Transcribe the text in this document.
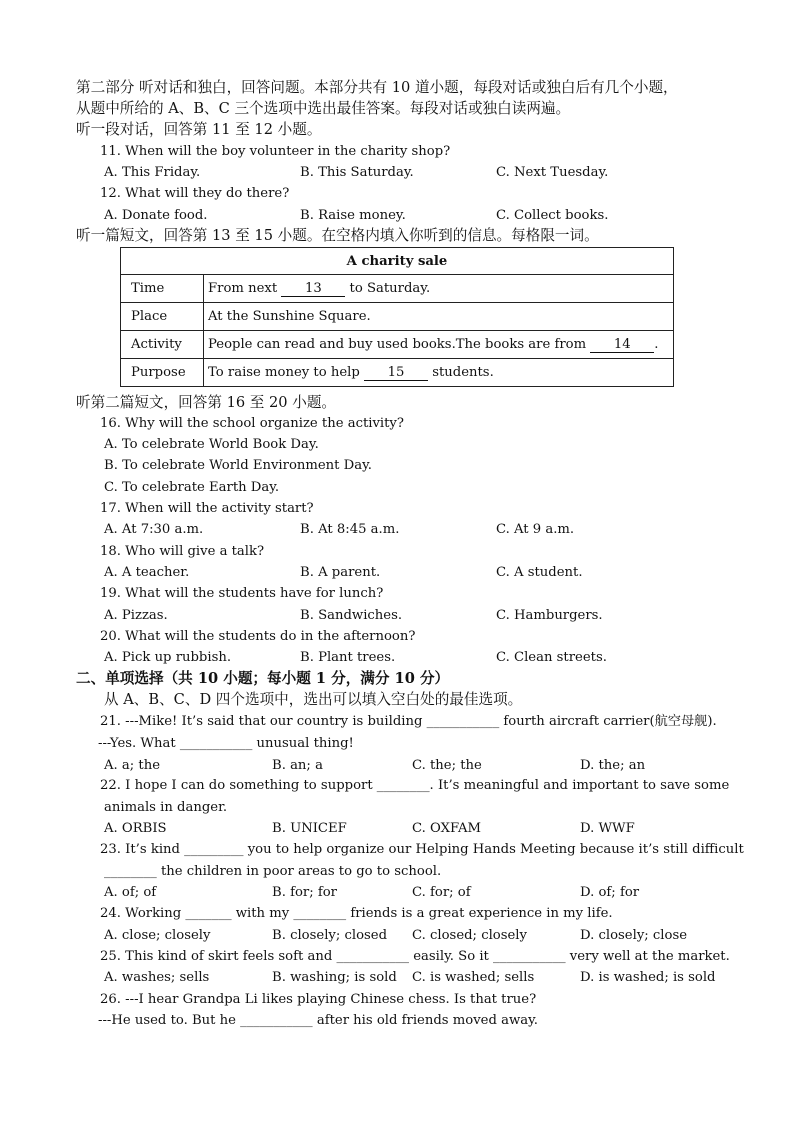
第二部分 听对话和独白，回答问题。本部分共有 10 道小题，每段对话或独白后有几个小题，
从题中所给的 A、B、C 三个选项中选出最佳答案。每段对话或独白读两遍。
听一段对话，回答第 11 至 12 小题。
11. When will the boy volunteer in the charity shop?
A. This Friday.	B. This Saturday.	C. Next Tuesday.
12. What will they do there?
A. Donate food.	B. Raise money.	C. Collect books.
听一篇短文，回答第 13 至 15 小题。在空格内填入你听到的信息。每格限一词。
A charity sale	
Time	From next 13 to Saturday.
Place	At the Sunshine Square.
Activity	People can read and buy used books.The books are from 14 .
Purpose	To raise money to help 15 students.
听第二篇短文，回答第 16 至 20 小题。
16. Why will the school organize the activity?
A. To celebrate World Book Day.
B. To celebrate World Environment Day.
C. To celebrate Earth Day.
17. When will the activity start?
A. At 7:30 a.m.	B. At 8:45 a.m.	C. At 9 a.m.
18. Who will give a talk?
A. A teacher.	B. A parent.	C. A student.
19. What will the students have for lunch?
A. Pizzas.	B. Sandwiches.	C. Hamburgers.
20. What will the students do in the afternoon?
A. Pick up rubbish.	B. Plant trees.	C. Clean streets.
二、单项选择（共 10 小题；每小题 1 分，满分 10 分）
从 A、B、C、D 四个选项中，选出可以填入空白处的最佳选项。
21. ---Mike! It’s said that our country is building ___________ fourth aircraft carrier(航空母舰).
---Yes. What ___________ unusual thing!
A. a; the	B. an; a	C. the; the	D. the; an
22. I hope I can do something to support ________. It’s meaningful and important to save some
animals in danger.
A. ORBIS	B. UNICEF	C. OXFAM	D. WWF
23. It’s kind _________ you to help organize our Helping Hands Meeting because it’s still difficult
________ the children in poor areas to go to school.
A. of; of	B. for; for	C. for; of	D. of; for
24. Working _______ with my ________ friends is a great experience in my life.
A. close; closely	B. closely; closed C. closed; closely	D. closely; close
25. This kind of skirt feels soft and ___________ easily. So it ___________ very well at the market.
A. washes; sells	B. washing; is sold C. is washed; sells	D. is washed; is sold
26. ---I hear Grandpa Li likes playing Chinese chess. Is that true?
---He used to. But he ___________ after his old friends moved away.
